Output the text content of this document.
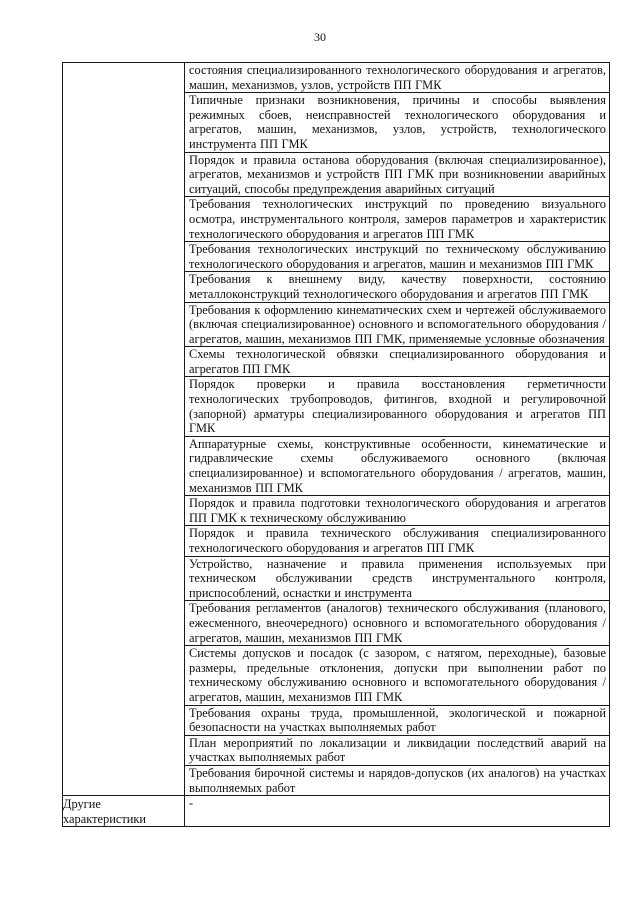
30

	состояния специализированного технологического оборудования и агрегатов, машин, механизмов, узлов, устройств ПП ГМК

	Типичные признаки возникновения, причины и способы выявления режимных сбоев, неисправностей технологического оборудования и агрегатов, машин, механизмов, узлов, устройств, технологического инструмента ПП ГМК

	Порядок и правила останова оборудования (включая специализированное), агрегатов, механизмов и устройств ПП ГМК при возникновении аварийных ситуаций, способы предупреждения аварийных ситуаций

	Требования технологических инструкций по проведению визуального осмотра, инструментального контроля, замеров параметров и характеристик технологического оборудования и агрегатов ПП ГМК

	Требования технологических инструкций по техническому обслуживанию технологического оборудования и агрегатов, машин и механизмов ПП ГМК

	Требования к внешнему виду, качеству поверхности, состоянию металлоконструкций технологического оборудования и агрегатов ПП ГМК

	Требования к оформлению кинематических схем и чертежей обслуживаемого (включая специализированное) основного и вспомогательного оборудования / агрегатов, машин, механизмов ПП ГМК, применяемые условные обозначения

	Схемы технологической обвязки специализированного оборудования и агрегатов ПП ГМК

	Порядок проверки и правила восстановления герметичности технологических трубопроводов, фитингов, входной и регулировочной (запорной) арматуры специализированного оборудования и агрегатов ПП ГМК

	Аппаратурные схемы, конструктивные особенности, кинематические и гидравлические схемы обслуживаемого основного (включая специализированное) и вспомогательного оборудования / агрегатов, машин, механизмов ПП ГМК

	Порядок и правила подготовки технологического оборудования и агрегатов ПП ГМК к техническому обслуживанию

	Порядок и правила технического обслуживания специализированного технологического оборудования и агрегатов ПП ГМК

	Устройство, назначение и правила применения используемых при техническом обслуживании средств инструментального контроля, приспособлений, оснастки и инструмента

	Требования регламентов (аналогов) технического обслуживания (планового, ежесменного, внеочередного) основного и вспомогательного оборудования / агрегатов, машин, механизмов ПП ГМК

	Системы допусков и посадок (с зазором, с натягом, переходные), базовые размеры, предельные отклонения, допуски при выполнении работ по техническому обслуживанию основного и вспомогательного оборудования / агрегатов, машин, механизмов ПП ГМК

	Требования охраны труда, промышленной, экологической и пожарной безопасности на участках выполняемых работ

	План мероприятий по локализации и ликвидации последствий аварий на участках выполняемых работ

	Требования бирочной системы и нарядов-допусков (их аналогов) на участках выполняемых работ

Другие характеристики	-
